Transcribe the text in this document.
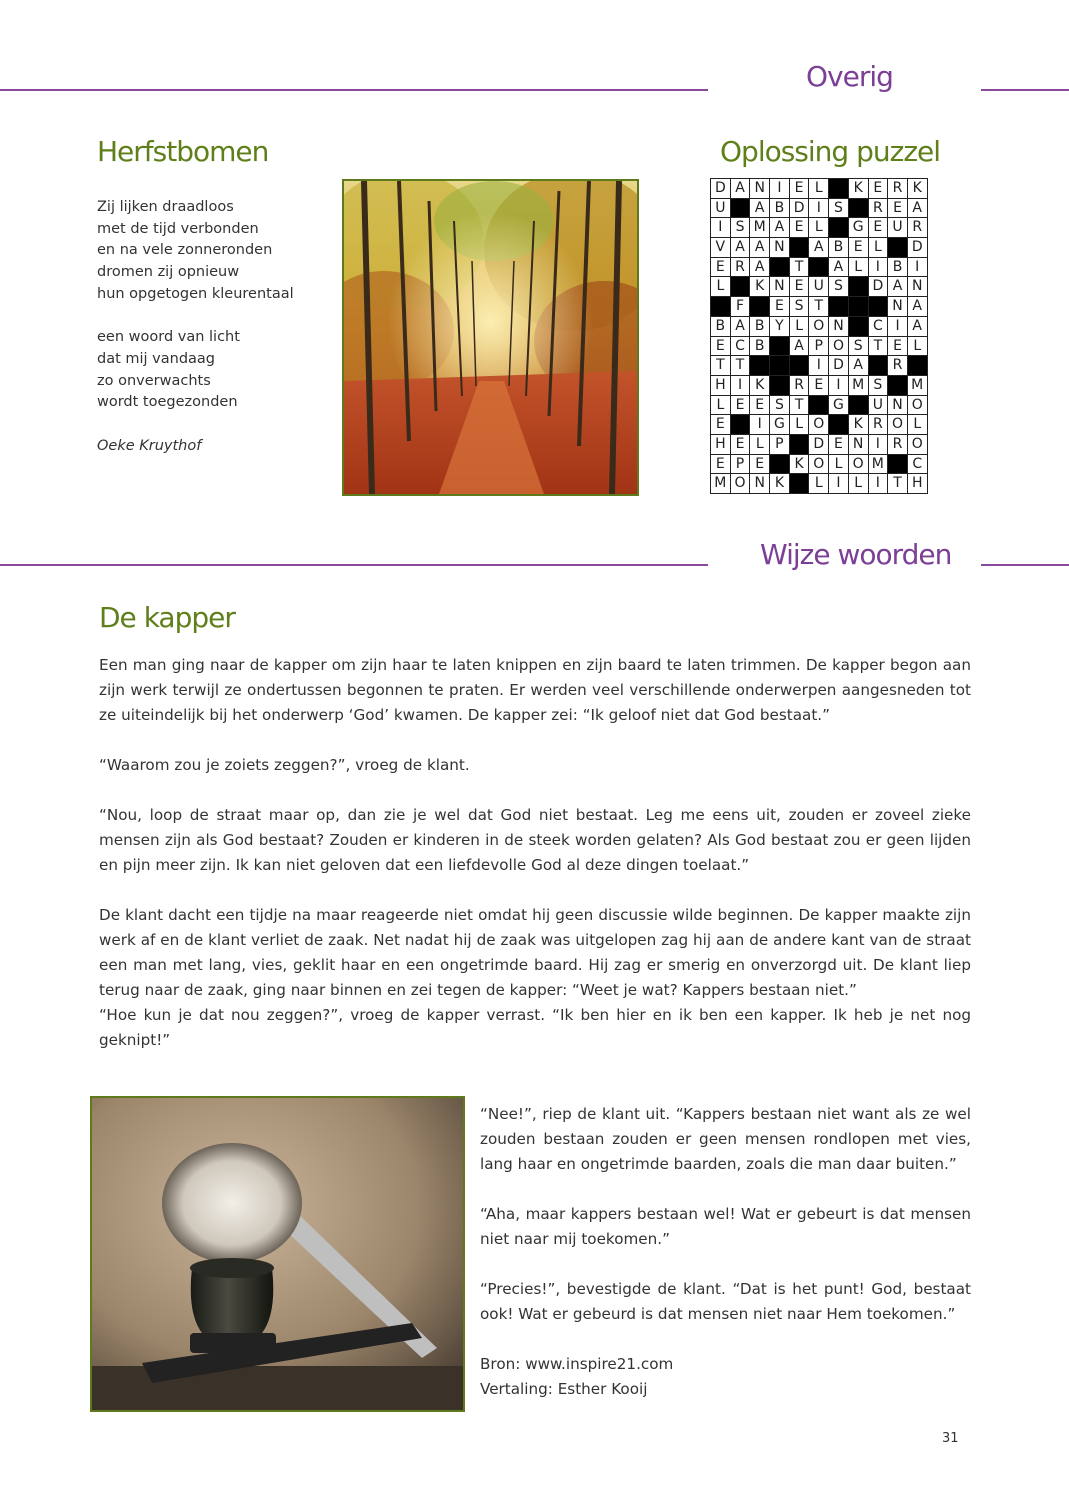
Overig
Herfstbomen
Zij lijken draadloos
met de tijd verbonden
en na vele zonneronden
dromen zij opnieuw
hun opgetogen kleurentaal
een woord van licht
dat mij vandaag
zo onverwachts
wordt toegezonden
Oeke Kruythof
Oplossing puzzel
D A N I E L	K E R K
U	A B D I S	R E A
I S M A E L	G E U R
V A A N	A B E L	D
E R A	T	A L I B I
L	K N E U S	D A N
F	E S T	N A
B A B Y L O N	C I A
E C B	A P O S T E L
T T	I D A	R
H I K	R E I M S	M
L E E S T	G	U N O
E	I G L O	K R O L
H E L P	D E N I R O
E P E	K O L O M	C
M O N K	L I L I T H
Wijze woorden
De kapper

Een man ging naar de kapper om zijn haar te laten knippen en zijn baard te laten trimmen. De kapper begon aan zijn werk terwijl ze ondertussen begonnen te praten. Er werden veel verschillende onderwerpen aangesneden tot ze uiteindelijk bij het onderwerp ‘God’ kwamen. De kapper zei: “Ik geloof niet dat God bestaat.”

“Waarom zou je zoiets zeggen?”, vroeg de klant.

“Nou, loop de straat maar op, dan zie je wel dat God niet bestaat. Leg me eens uit, zouden er zoveel zieke mensen zijn als God bestaat? Zouden er kinderen in de steek worden gelaten? Als God bestaat zou er geen lijden en pijn meer zijn. Ik kan niet geloven dat een liefdevolle God al deze dingen toelaat.”

De klant dacht een tijdje na maar reageerde niet omdat hij geen discussie wilde beginnen. De kapper maakte zijn werk af en de klant verliet de zaak. Net nadat hij de zaak was uitgelopen zag hij aan de andere kant van de straat een man met lang, vies, geklit haar en een ongetrimde baard. Hij zag er smerig en onverzorgd uit. De klant liep terug naar de zaak, ging naar binnen en zei tegen de kapper: “Weet je wat? Kappers bestaan niet.”

“Hoe kun je dat nou zeggen?”, vroeg de kapper verrast. “Ik ben hier en ik ben een kapper. Ik heb je net nog geknipt!”

“Nee!”, riep de klant uit. “Kappers bestaan niet want als ze wel zouden bestaan zouden er geen mensen rondlopen met vies, lang haar en ongetrimde baarden, zoals die man daar buiten.”

“Aha, maar kappers bestaan wel! Wat er gebeurt is dat mensen niet naar mij toekomen.”

“Precies!”, bevestigde de klant. “Dat is het punt! God, bestaat ook! Wat er gebeurd is dat mensen niet naar Hem toekomen.”

Bron: www.inspire21.com

Vertaling: Esther Kooij

31
